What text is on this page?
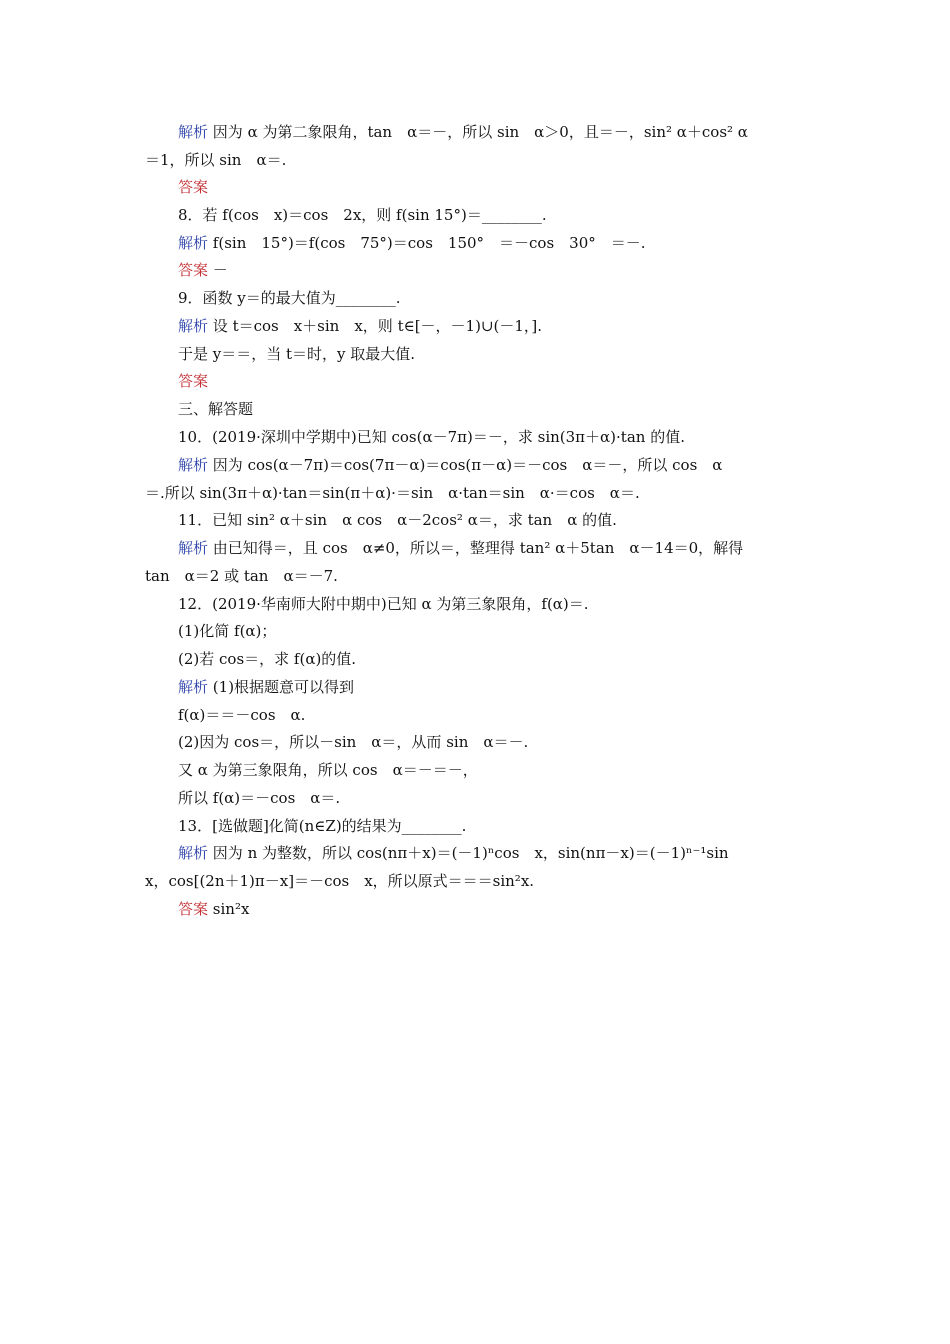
解析 因为 α 为第二象限角，tan　α＝－，所以 sin　α＞0，且＝－，sin² α＋cos² α
＝1，所以 sin　α＝.
答案
8．若 f(cos　x)＝cos　2x，则 f(sin 15°)＝________.
解析 f(sin　15°)＝f(cos　75°)＝cos　150°　＝－cos　30°　＝－.
答案 －
9．函数 y＝的最大值为________.
解析 设 t＝cos　x＋sin　x，则 t∈[－，－1)∪(－1，].
于是 y＝＝，当 t＝时，y 取最大值.
答案
三、解答题
10．(2019·深圳中学期中)已知 cos(α－7π)＝－，求 sin(3π＋α)·tan 的值.
解析 因为 cos(α－7π)＝cos(7π－α)＝cos(π－α)＝－cos　α＝－，所以 cos　α
＝.所以 sin(3π＋α)·tan＝sin(π＋α)·＝sin　α·tan＝sin　α·＝cos　α＝.
11．已知 sin² α＋sin　α cos　α－2cos² α＝，求 tan　α 的值.
解析 由已知得＝，且 cos　α≠0，所以＝，整理得 tan² α＋5tan　α－14＝0，解得
tan　α＝2 或 tan　α＝－7.
12．(2019·华南师大附中期中)已知 α 为第三象限角，f(α)＝.
(1)化简 f(α)；
(2)若 cos＝，求 f(α)的值.
解析 (1)根据题意可以得到
f(α)＝＝－cos　α.
(2)因为 cos＝，所以－sin　α＝，从而 sin　α＝－.
又 α 为第三象限角，所以 cos　α＝－＝－，
所以 f(α)＝－cos　α＝.
13．[选做题]化简(n∈Z)的结果为________.
解析 因为 n 为整数，所以 cos(nπ＋x)＝(－1)ⁿcos　x，sin(nπ－x)＝(－1)ⁿ⁻¹sin
x，cos[(2n＋1)π－x]＝－cos　x，所以原式＝＝＝sin²x.
答案 sin²x
